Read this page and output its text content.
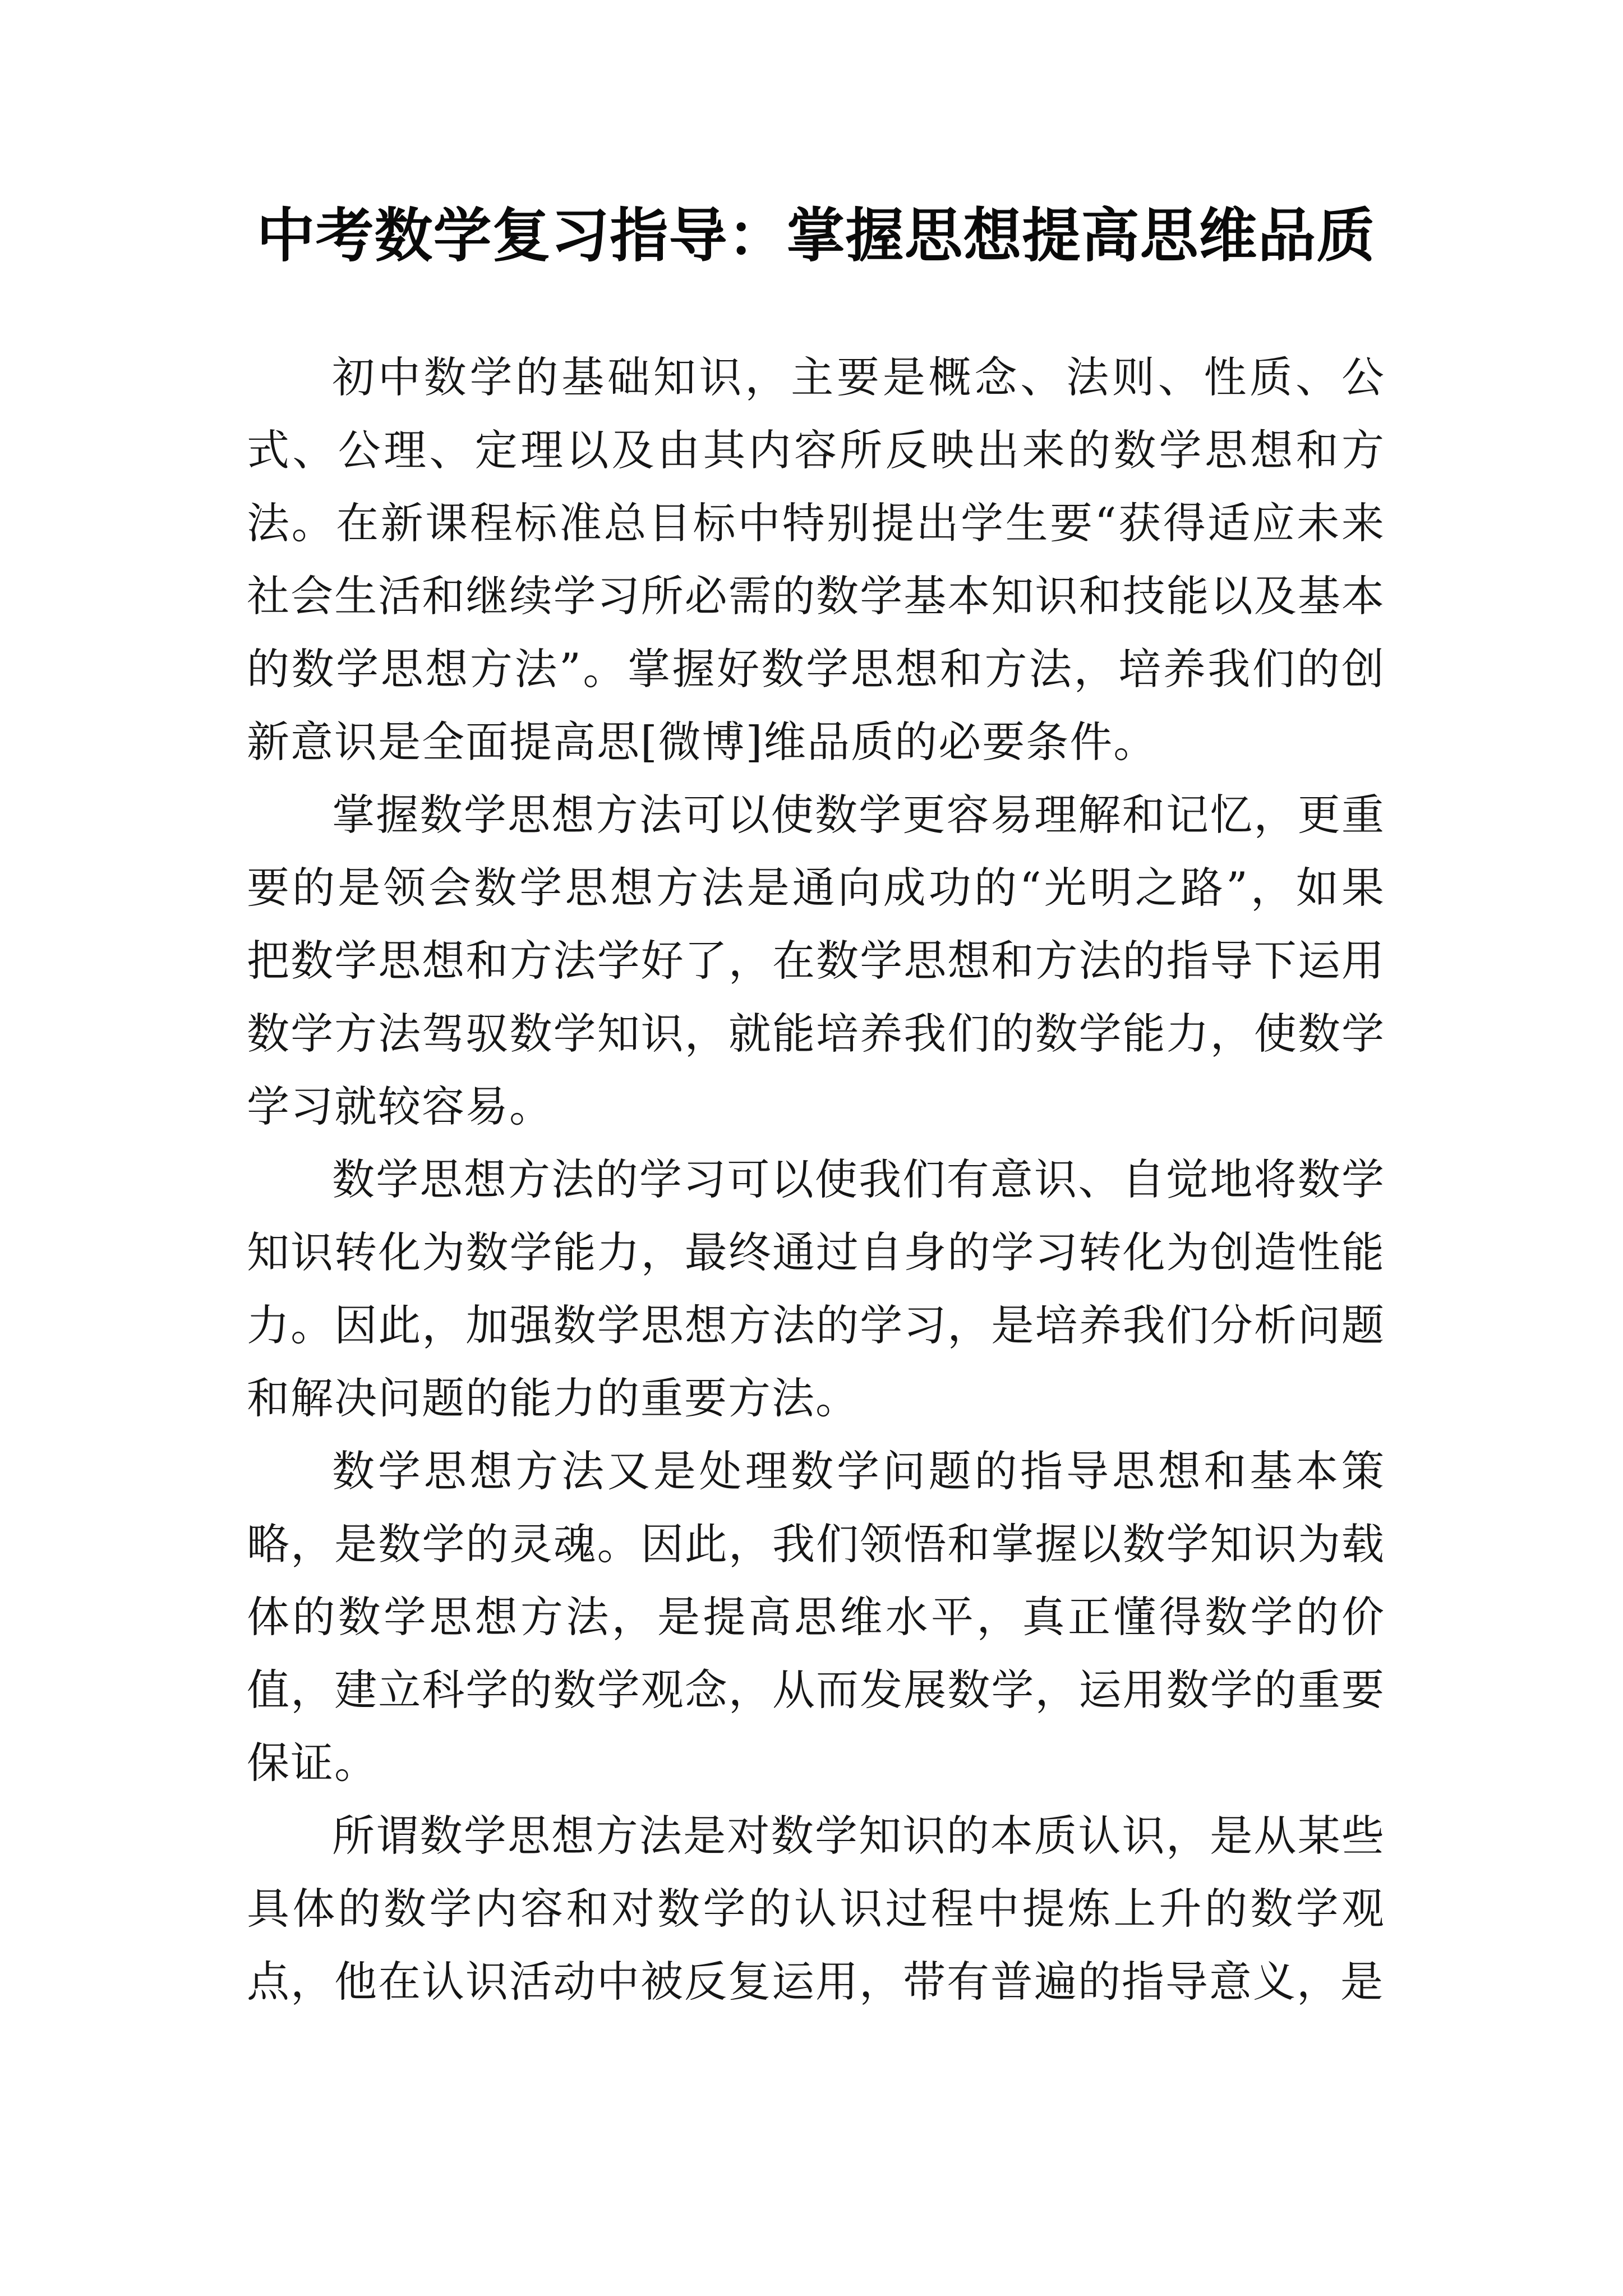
中考数学复习指导：掌握思想提高思维品质

初中数学的基础知识，主要是概念、法则、性质、公式、公理、定理以及由其内容所反映出来的数学思想和方法。在新课程标准总目标中特别提出学生要“获得适应未来社会生活和继续学习所必需的数学基本知识和技能以及基本的数学思想方法”。掌握好数学思想和方法，培养我们的创新意识是全面提高思[微博]维品质的必要条件。

掌握数学思想方法可以使数学更容易理解和记忆，更重要的是领会数学思想方法是通向成功的“光明之路”，如果把数学思想和方法学好了，在数学思想和方法的指导下运用数学方法驾驭数学知识，就能培养我们的数学能力，使数学学习就较容易。

数学思想方法的学习可以使我们有意识、自觉地将数学知识转化为数学能力，最终通过自身的学习转化为创造性能力。因此，加强数学思想方法的学习，是培养我们分析问题和解决问题的能力的重要方法。

数学思想方法又是处理数学问题的指导思想和基本策略，是数学的灵魂。因此，我们领悟和掌握以数学知识为载体的数学思想方法，是提高思维水平，真正懂得数学的价值，建立科学的数学观念，从而发展数学，运用数学的重要保证。

所谓数学思想方法是对数学知识的本质认识，是从某些具体的数学内容和对数学的认识过程中提炼上升的数学观点，他在认识活动中被反复运用，带有普遍的指导意义，是
